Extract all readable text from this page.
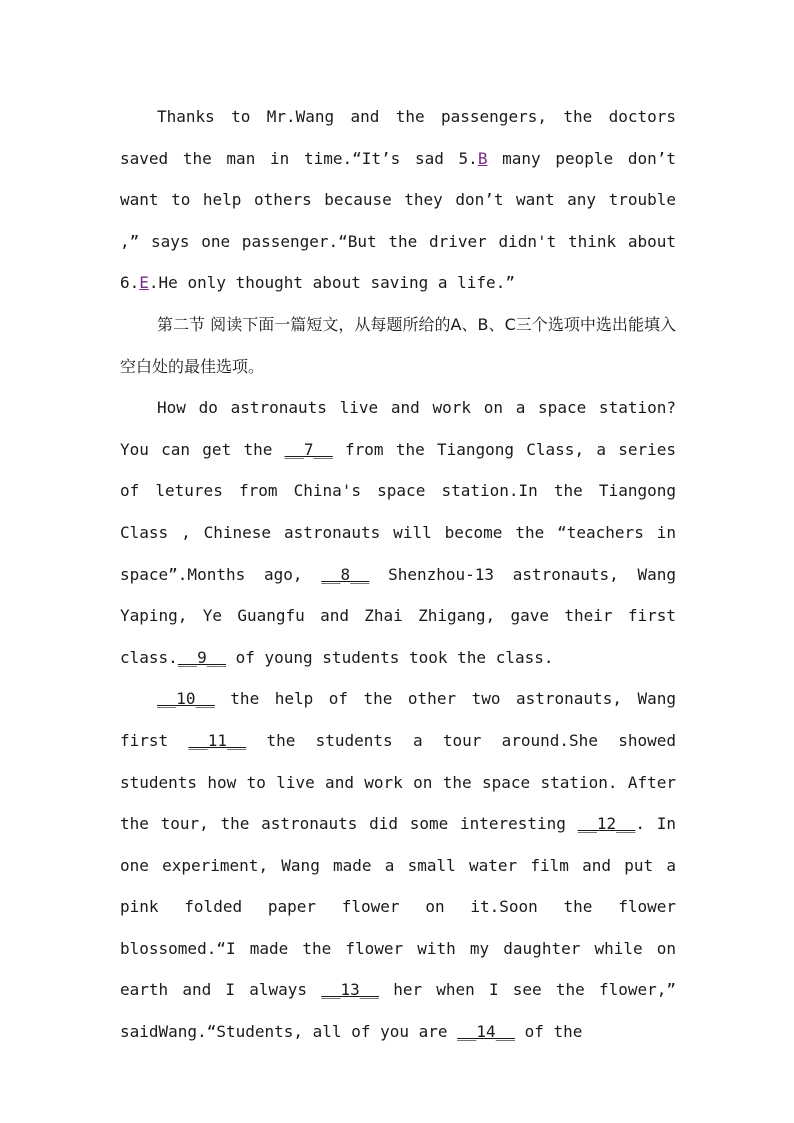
Thanks to Mr.Wang and the passengers, the doctors saved the man in time.“It’s sad 5.B many people don’t want to help others because they don’t want any trouble ,” says one passenger.“But the driver didn't think about 6.E.He only thought about saving a life.”

第二节 阅读下面一篇短文，从每题所给的A、B、C三个选项中选出能填入空白处的最佳选项。

How do astronauts live and work on a space station? You can get the __7__ from the Tiangong Class, a series of letures from China's space station.In the Tiangong Class , Chinese astronauts will become the “teachers in space”.Months ago, __8__ Shenzhou-13 astronauts, Wang Yaping, Ye Guangfu and Zhai Zhigang, gave their first class.__9__ of young students took the class.

__10__ the help of the other two astronauts, Wang first __11__ the students a tour around.She showed students how to live and work on the space station. After the tour, the astronauts did some interesting __12__. In one experiment, Wang made a small water film and put a pink folded paper flower on it.Soon the flower blossomed.“I made the flower with my daughter while on earth and I always __13__ her when I see the flower,” saidWang.“Students, all of you are __14__ of the
